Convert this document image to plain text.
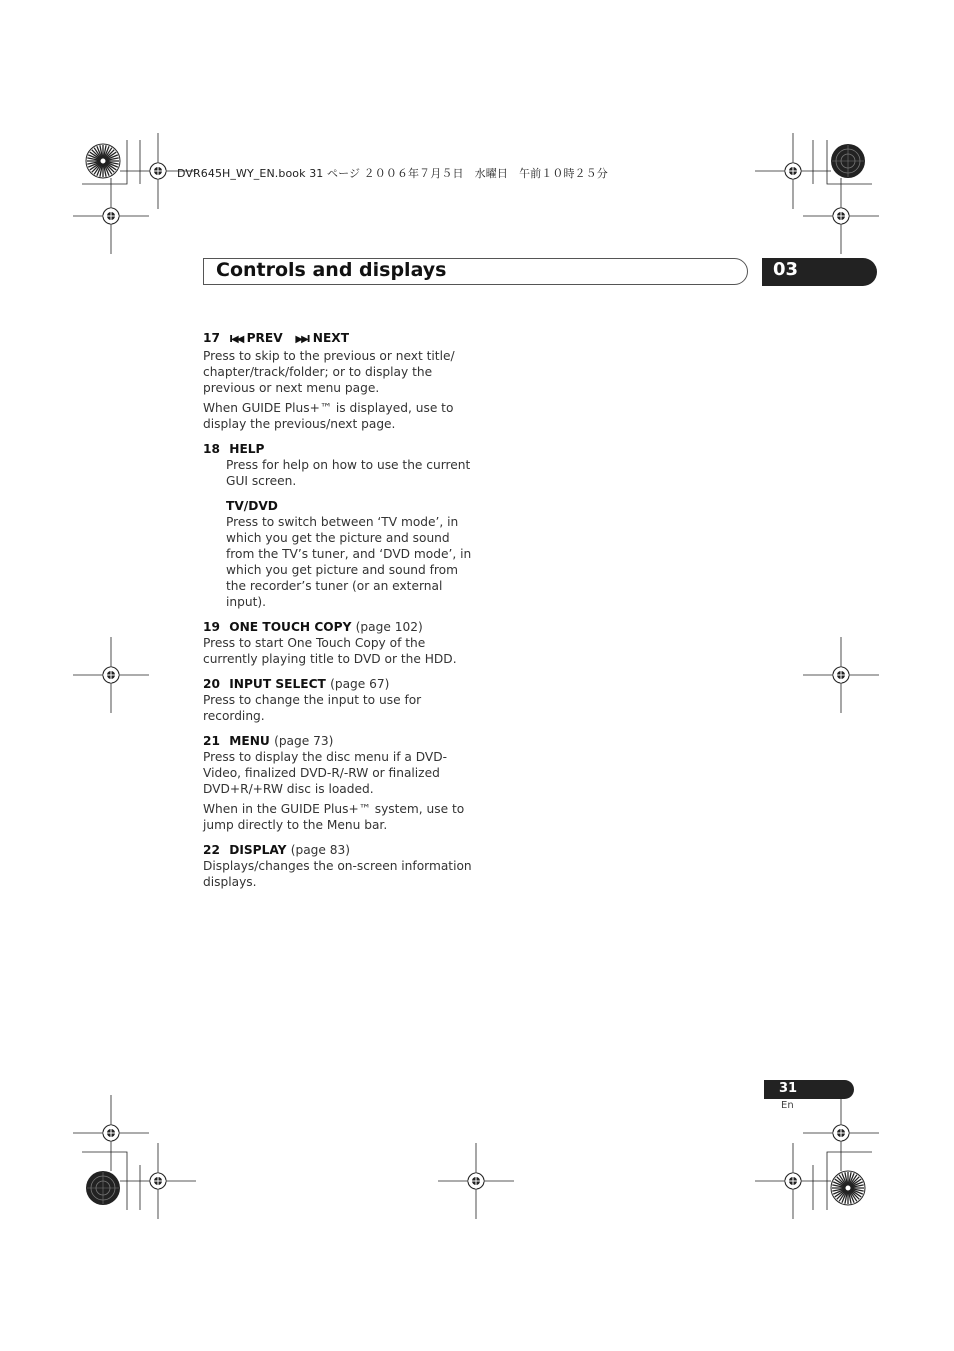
DVR645H_WY_EN.book 31 ページ ２００６年７月５日　水曜日　午前１０時２５分
Controls and displays	03
17 I◀◀ PREV ▶▶I NEXT
Press to skip to the previous or next title/ chapter/track/folder; or to display the previous or next menu page.
When GUIDE Plus+™ is displayed, use to display the previous/next page.
18 HELP
Press for help on how to use the current GUI screen.
TV/DVD
Press to switch between ‘TV mode’, in which you get the picture and sound from the TV’s tuner, and ‘DVD mode’, in which you get picture and sound from the recorder’s tuner (or an external input).
19 ONE TOUCH COPY (page 102)
Press to start One Touch Copy of the currently playing title to DVD or the HDD.
20 INPUT SELECT (page 67)
Press to change the input to use for recording.
21 MENU (page 73)
Press to display the disc menu if a DVD-Video, finalized DVD-R/-RW or finalized DVD+R/+RW disc is loaded.
When in the GUIDE Plus+™ system, use to jump directly to the Menu bar.
22 DISPLAY (page 83)
Displays/changes the on-screen information displays.
31
En
